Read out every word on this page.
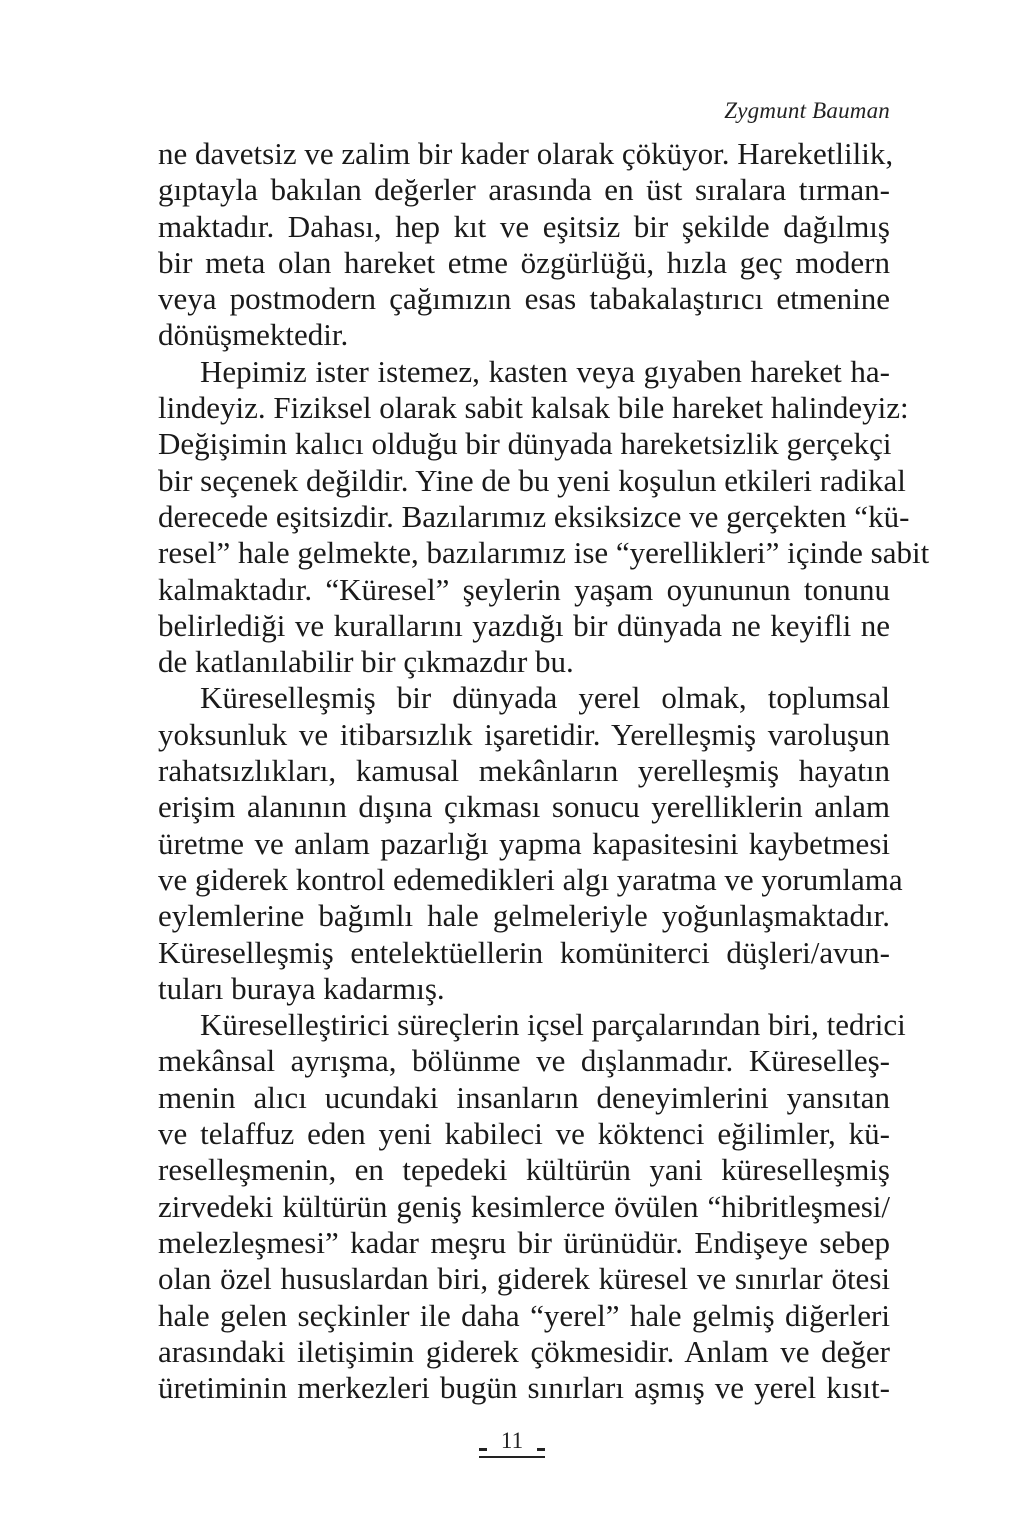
Zygmunt Bauman
ne davetsiz ve zalim bir kader olarak çöküyor. Hareketlilik,
gıptayla bakılan değerler arasında en üst sıralara tırman-
maktadır. Dahası, hep kıt ve eşitsiz bir şekilde dağılmış
bir meta olan hareket etme özgürlüğü, hızla geç modern
veya postmodern çağımızın esas tabakalaştırıcı etmenine
dönüşmektedir.
Hepimiz ister istemez, kasten veya gıyaben hareket ha-
lindeyiz. Fiziksel olarak sabit kalsak bile hareket halindeyiz:
Değişimin kalıcı olduğu bir dünyada hareketsizlik gerçekçi
bir seçenek değildir. Yine de bu yeni koşulun etkileri radikal
derecede eşitsizdir. Bazılarımız eksiksizce ve gerçekten “kü-
resel” hale gelmekte, bazılarımız ise “yerellikleri” içinde sabit
kalmaktadır. “Küresel” şeylerin yaşam oyununun tonunu
belirlediği ve kurallarını yazdığı bir dünyada ne keyifli ne
de katlanılabilir bir çıkmazdır bu.
Küreselleşmiş bir dünyada yerel olmak, toplumsal
yoksunluk ve itibarsızlık işaretidir. Yerelleşmiş varoluşun
rahatsızlıkları, kamusal mekânların yerelleşmiş hayatın
erişim alanının dışına çıkması sonucu yerelliklerin anlam
üretme ve anlam pazarlığı yapma kapasitesini kaybetmesi
ve giderek kontrol edemedikleri algı yaratma ve yorumlama
eylemlerine bağımlı hale gelmeleriyle yoğunlaşmaktadır.
Küreselleşmiş entelektüellerin komüniterci düşleri/avun-
tuları buraya kadarmış.
Küreselleştirici süreçlerin içsel parçalarından biri, tedrici
mekânsal ayrışma, bölünme ve dışlanmadır. Küreselleş-
menin alıcı ucundaki insanların deneyimlerini yansıtan
ve telaffuz eden yeni kabileci ve köktenci eğilimler, kü-
reselleşmenin, en tepedeki kültürün yani küreselleşmiş
zirvedeki kültürün geniş kesimlerce övülen “hibritleşmesi/
melezleşmesi” kadar meşru bir ürünüdür. Endişeye sebep
olan özel hususlardan biri, giderek küresel ve sınırlar ötesi
hale gelen seçkinler ile daha “yerel” hale gelmiş diğerleri
arasındaki iletişimin giderek çökmesidir. Anlam ve değer
üretiminin merkezleri bugün sınırları aşmış ve yerel kısıt-
11
